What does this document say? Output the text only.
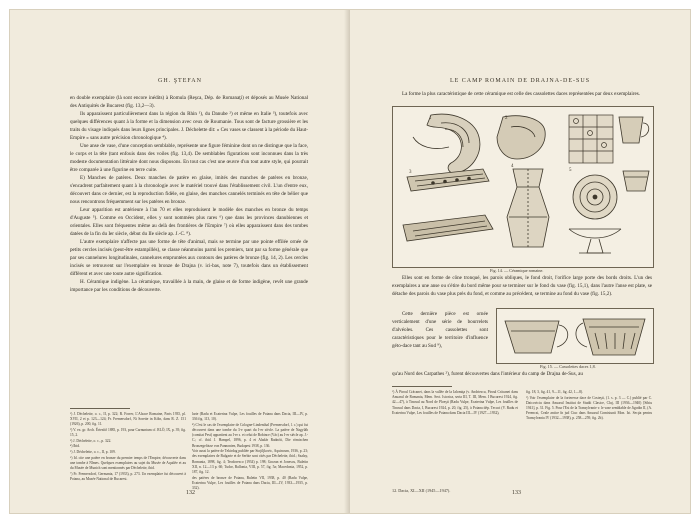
GH. ŞTEFAN

en double exemplaire (là sont encore inédits) à Romula (Reşca, Dép. de Romanaţi) et déposés au Musée National des Antiquités de Bucarest (fig. 13,2—3).

Ils apparaissent particulièrement dans la région du Rhin ¹), du Danube ²) et même en Italie ³), toutefois avec quelques différences quant à la forme et la dimension avec ceux de Roumanie. Tous sont de facture grossière et les traits du visage indiqués dans leurs lignes principales. J. Déchelette dit: « Ces vases se classent à la période du Haut-Empire » sans autre précision chronologique ⁴).

Une anse de vase, d'une conception semblable, représente une figure féminine dont on ne distingue que la face, le corps et la tête (tant enfouis dans des voiles (fig. 13,4). De semblables figurations sont inconnues dans la très modeste documentation littéraire dont nous disposons. En tout cas c'est une œuvre d'un tout autre style, qui pourrait être comparée à une figurine en terre cuite.

E) Manches de patères. Deux manches de patère en glaise, imités des manches de patères en bronze, s'encadrent parfaitement quant à la chronologie avec le matériel trouvé dans l'établissement civil. L'un d'entre eux, découvert dans ce dernier, est la reproduction fidèle, en glaise, des manches cannelés terminés en tête de bélier que nous rencontrons fréquemment sur les patères en bronze.

Leur apparition est antérieure à l'an 70 et elles reproduisent le modèle des manches en bronze du temps d'Auguste ⁵). Comme en Occident, elles y sont nommées plus rares ⁶) que dans les provinces danubiennes et orientales. Elles sont fréquentes même au delà des frontières de l'Empire ⁷) où elles apparaissent dans des tombes datées de la fin du Ier siècle, début du IIe siècle ap. J.-C. ⁸).

L'autre exemplaire n'affecte pas une forme de tête d'animal, mais se termine par une pointe effilée ornée de petits cercles incisés (peut-être estampillés), se classe néanmoins parmi les premiers, tant par sa forme générale que par ses cannelures longitudinales, cannelures empruntées aux contours des patères de bronze (fig. 14, 2). Les cercles incisés se retrouvent sur l'exemplaire en bronze de Drajna (v. ici-bas, note 7), toutefois dans un établissement différent et avec une toute autre signification.

H. Céramique indigène. La céramique, travaillée à la main, de glaise et de forme indigène, revêt une grande importance par les conditions de découverte.

¹) J. Déchelette, o. c., II, p. 322; R. Forrer, L'Alsace Romaine, Paris 1935, pl. XVII, 2 et p. 123—124; Fr. Fremersdorf, Ni Sorette in Köln, dans R. Z. 151 (1926), p. 200, fig. 11.

²) V. ex. gr. Arch. Értesítő 1885, p. 193, pour Carnuntum cf. RLÖ, IX, p. 39, fig. 15, 2.

³) J. Déchelette, o. c., p. 322.

⁴) Ibid.

⁵) J. Déchelette, o. c., II, p. 109.

⁶) Id. cite une patère en bronze du premier temps de l'Empire, découverte dans une tombe à Nîmes. Quelques exemplaires au sujet du Musée de Aquilée et au du Musée de Munich sont mentionnés par Déchelette, ibid.

⁷) Fr. Fremersdorf, Germania, 17 (1933), p. 273. Un exemplaire fut découvert à Poiana, au Musée National de Bucarest.

larie (Radu et Ecaterina Vulpe, Les fouilles de Poiana dans Dacia, III—IV, p. 336 fig. 113, 10).

⁸) C'est le cas de l'exemplaire de Cologne-Lindenthal (Fremersdorf, l. c.) qui fut découvert dans une tombe du 3-e quart du I-er siècle. La patère de Nagyláb (comitat Pest) appartient au I-er s. et celui de Bobince (Vác) au I-er siècle ap. J.-C.; cf. ibid. J. Hampel, 1896, p. 4 et Aladár Radnóti, Die römischen Bronzegefässe von Pannonien, Budapest 1938, p. 136.

Voir aussi la patère de Tekirdag publiée par Stojiljkovic, Aquincum, 1936, p. 23; des exemplaires de Bulgarie et de Serbie sont cités par Déchelette, ibid.; Szalay, Romania, 1898, fig. 4; Teodoresco (1934) p. 198; Gorzan et Jonescu, Buletin XII, n. 12—13 p. 60; Tudor, Ballonia, VIII, p. 57, fig. 5a; Macedonia, 1952, p. 187, fig. 12.

des patères de bronze de Poiana, Buletin VII, 1938, p. 40 (Radu Vulpe, Ecaterina Vulpe, Les fouilles de Poiana dans Dacia, III—IV, 1933—1935, p. 332).

132
LE CAMP ROMAIN DE DRAJNA-DE-SUS

La forme la plus caractéristique de cette céramique est celle des cassolettes daces représentées par deux exemplaires.

1	2
3
4
5
Fig. 14. — Céramique romaine.

Elles sont en forme de cône tronqué, les parois obliques, le fond droit, l'orifice large porte des bords droits. L'un des exemplaires a une anse ou s'étire du bord même pour se terminer sur le fond du vase (fig. 15,1), dans l'autre l'anse est plate, se détache des parois du vase plus près du fond, et comme au précédent, se termine au fond du vase (fig. 15,2).

Cette dernière pièce est ornée verticalement d'une série de bourrelets d'alvéoles. Ces cassolettes sont caractéristiques pour le territoire d'influence géto-dace tant au Sud ⁹),

Fig. 15. — Cassolettes daces 1,8.

qu'au Nord des Carpathes ²), furent découvertes dans l'intérieur du camp de Drajna de-Sus, au

¹) À Piroul Crăcanei, dans la vallée de la Ialomiţa (v. Andriescu, Piroul Crăcanei dans Anuarul de Romania, Mem. Sect. Istorica, seria III, T. III, Mem. I Bucarest 1924, fig. 42—47), à Tinosul au Nord de Ploeşti (Radu Vulpe, Ecaterina Vulpe, Les fouilles de Tinosul dans Dacia, I, Bucarest 1924, p. 20, fig. 25), à Poiana dép. Tecuci (V. Radu et Ecaterina Vulpe, Les fouilles de Poiana dans Dacia III—IV (1927—1932),

fig. 18, 3, fig. 41, 9—11, fig. 42, 1—8).

²) Voir l'exemplaire de la forteresse dace de Costeşti, (1. s. p. 3 — C.) publié par C. Daicoviciu dans Anuarul Institut de Studii Clasice, Cluj, III (1936—1940) [Sibiu 1941], p. 31. Fig. 5. Pour l'Est de la Transylvanie v. le vase semblable de Jigodin II, (A. Ferenczi, Ceale antice în jud Ciuc dans Anuarul Comisiunii Mon. Ist. Secţia pentru Transylvania IV (1932—1938), p. 258—259, fig. 2b).

12. Dacia, XI—XII (1945—1947).	133
